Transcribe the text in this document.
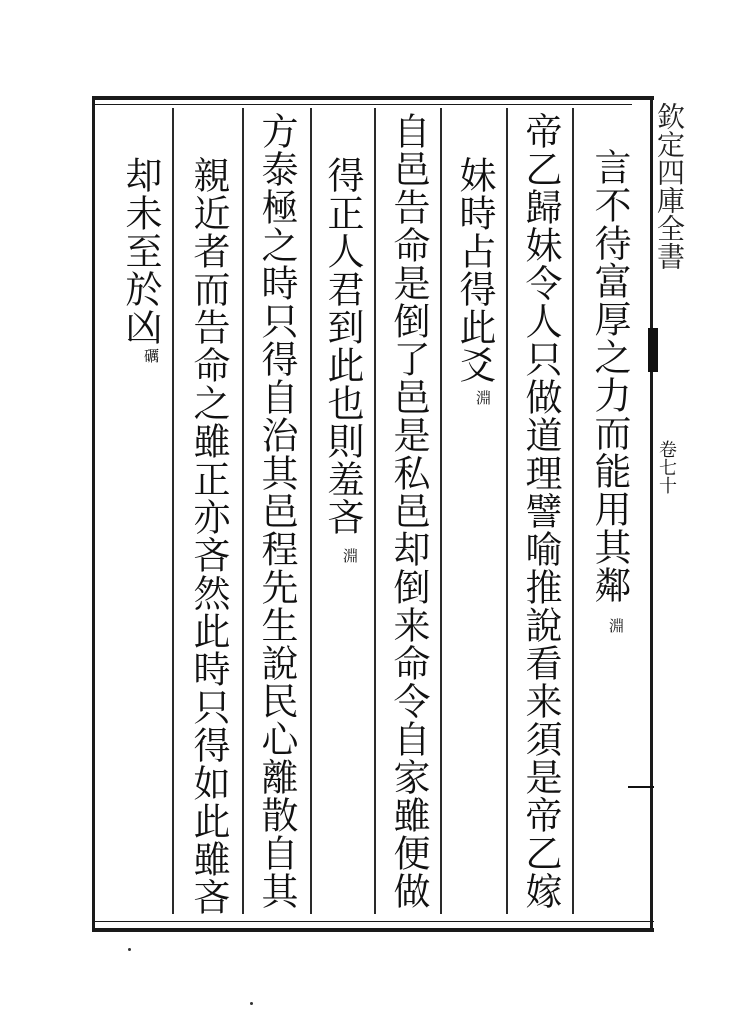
欽定四庫全書
卷七十
言不待富厚之力而能用其鄰
淵
帝乙歸妹令人只做道理譬喻推說看来須是帝乙嫁
妹時占得此爻
淵
自邑告命是倒了邑是私邑却倒来命令自家雖便做
得正人君到此也則羞吝
淵
方泰極之時只得自治其邑程先生說民心離散自其
親近者而告命之雖正亦吝然此時只得如此雖吝
却未至於凶
礪
